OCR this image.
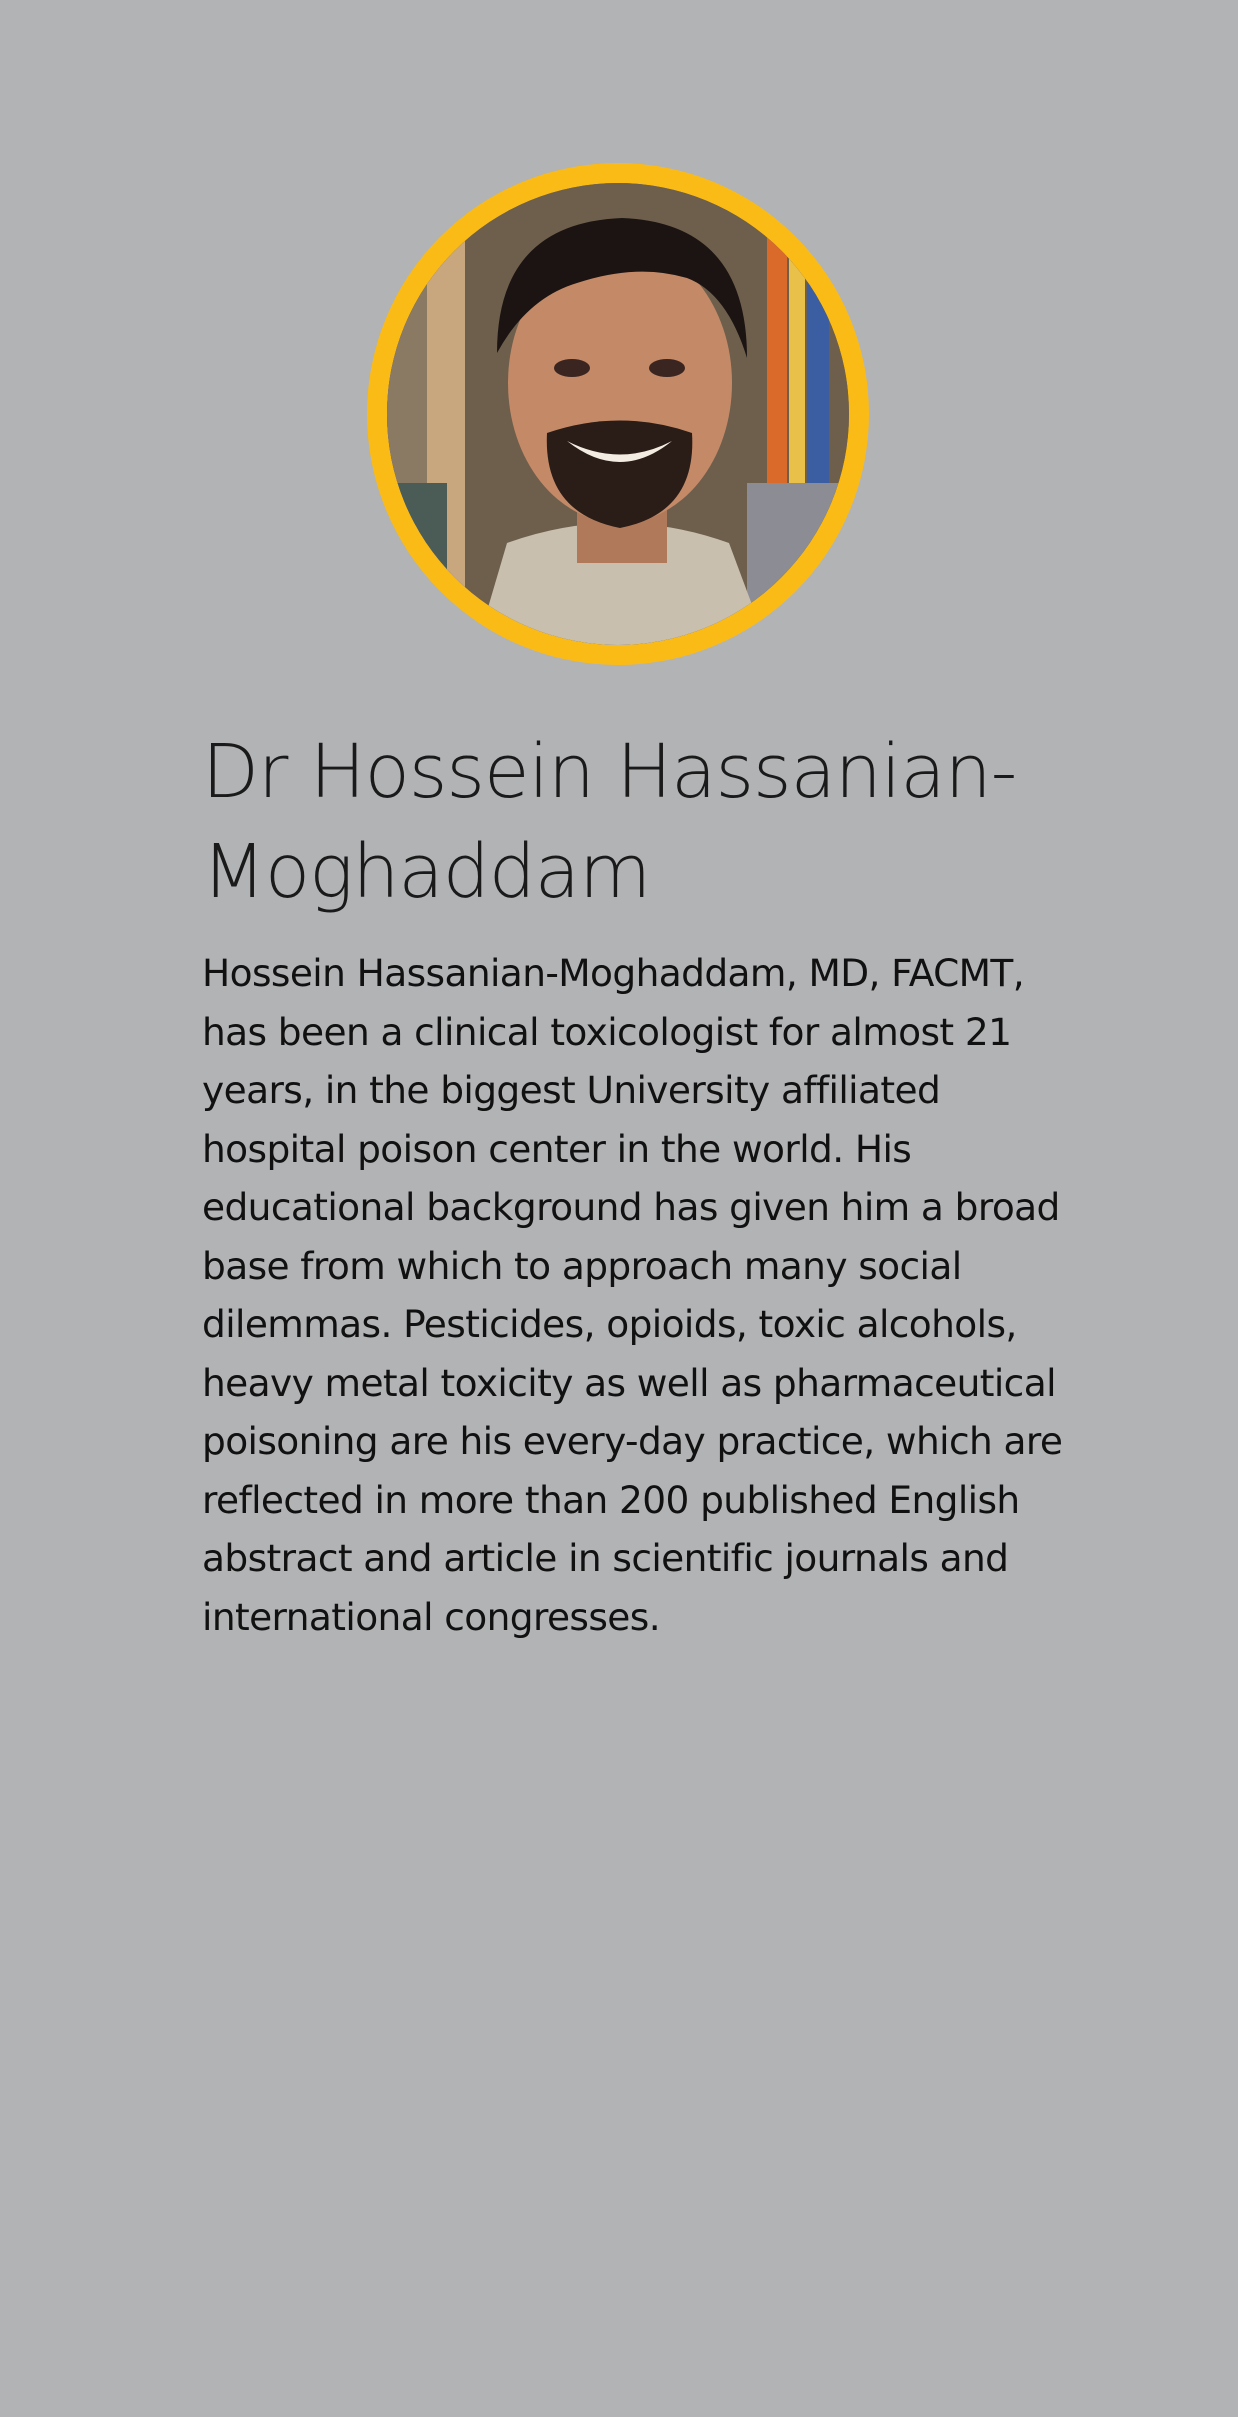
Dr Hossein Hassanian-Moghaddam

Hossein Hassanian-Moghaddam, MD, FACMT, has been a clinical toxicologist for almost 21 years, in the biggest University affiliated hospital poison center in the world. His educational background has given him a broad base from which to approach many social dilemmas. Pesticides, opioids, toxic alcohols, heavy metal toxicity as well as pharmaceutical poisoning are his every-day practice, which are reflected in more than 200 published English abstract and article in scientific journals and international congresses.
